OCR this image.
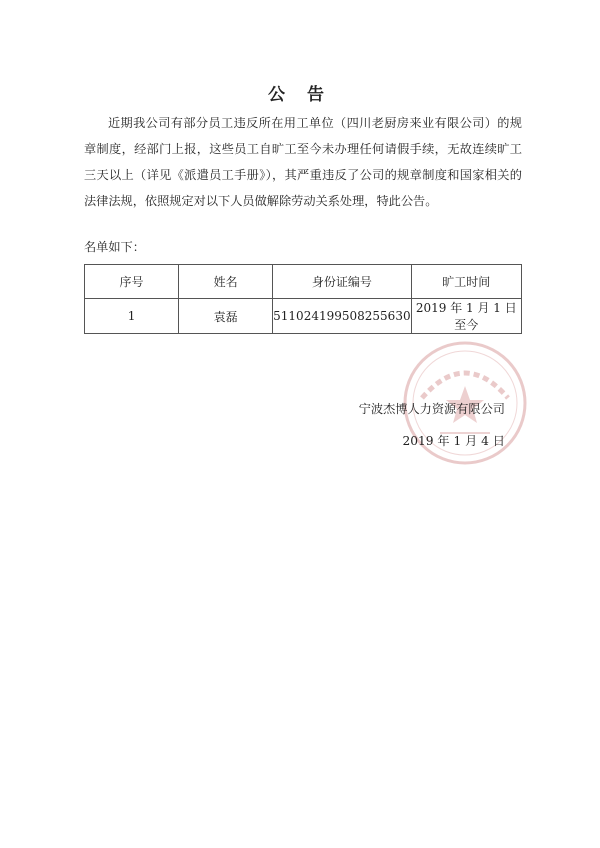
公 告

近期我公司有部分员工违反所在用工单位（四川老厨房来业有限公司）的规章制度，经部门上报，这些员工自旷工至今未办理任何请假手续，无故连续旷工三天以上（详见《派遣员工手册》），其严重违反了公司的规章制度和国家相关的法律法规，依照规定对以下人员做解除劳动关系处理，特此公告。

名单如下：

序号	姓名	身份证编号	旷工时间
1	袁磊	511024199508255630	2019 年 1 月 1 日至今

宁波杰博人力资源有限公司

2019 年 1 月 4 日
